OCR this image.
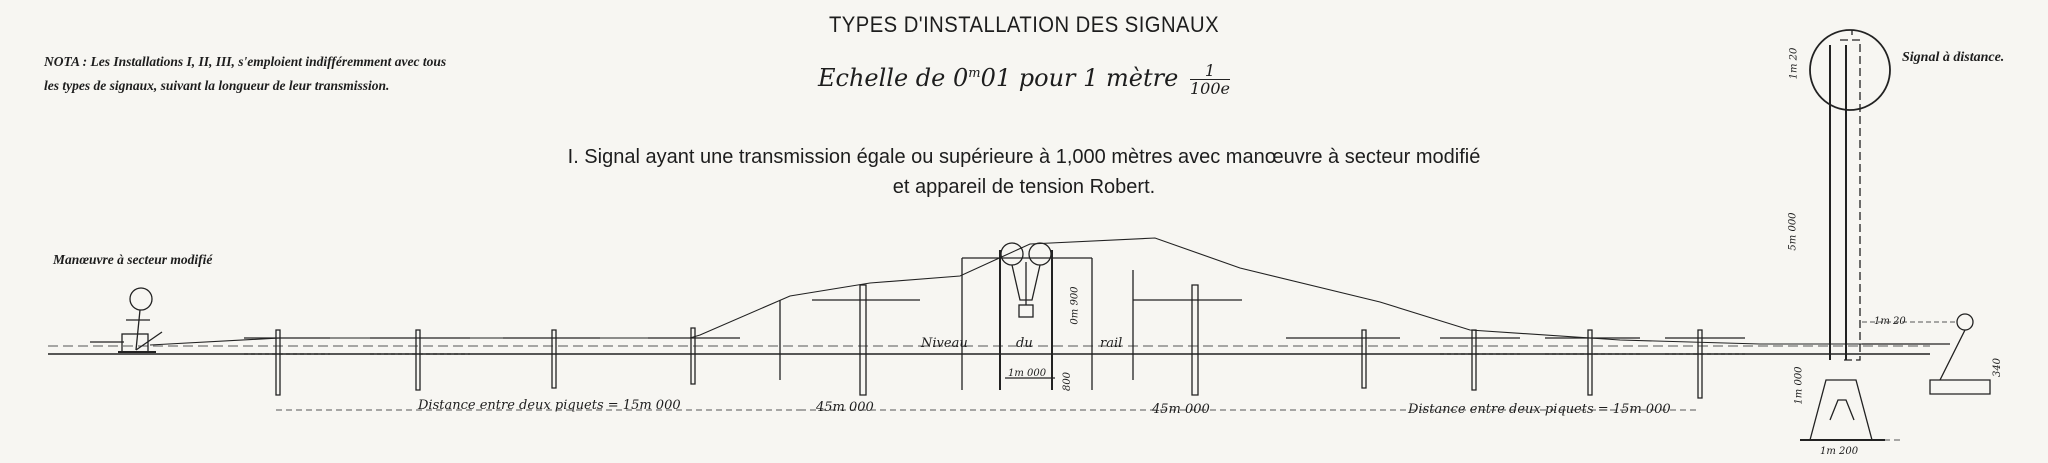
TYPES D'INSTALLATION DES SIGNAUX
Echelle de 0$^m$01 pour 1 mètre $\frac{1}{100e}$
I. Signal ayant une transmission égale ou supérieure à 1,000 mètres avec manœuvre à secteur modifié
et appareil de tension Robert.
NOTA : Les Installations I, II, III, s'emploient indifféremment avec tous les types de signaux, suivant la longueur de leur transmission.
Manœuvre à secteur modifié
Signal à distance.
Niveau	du	rail
Distance entre deux piquets = 15m 000	Distance entre deux piquets = 15m 000
45m 000	45m 000
1m 000
0m 900
800
5m 000
1m 20
1m 20
340
1m 000
1m 200
